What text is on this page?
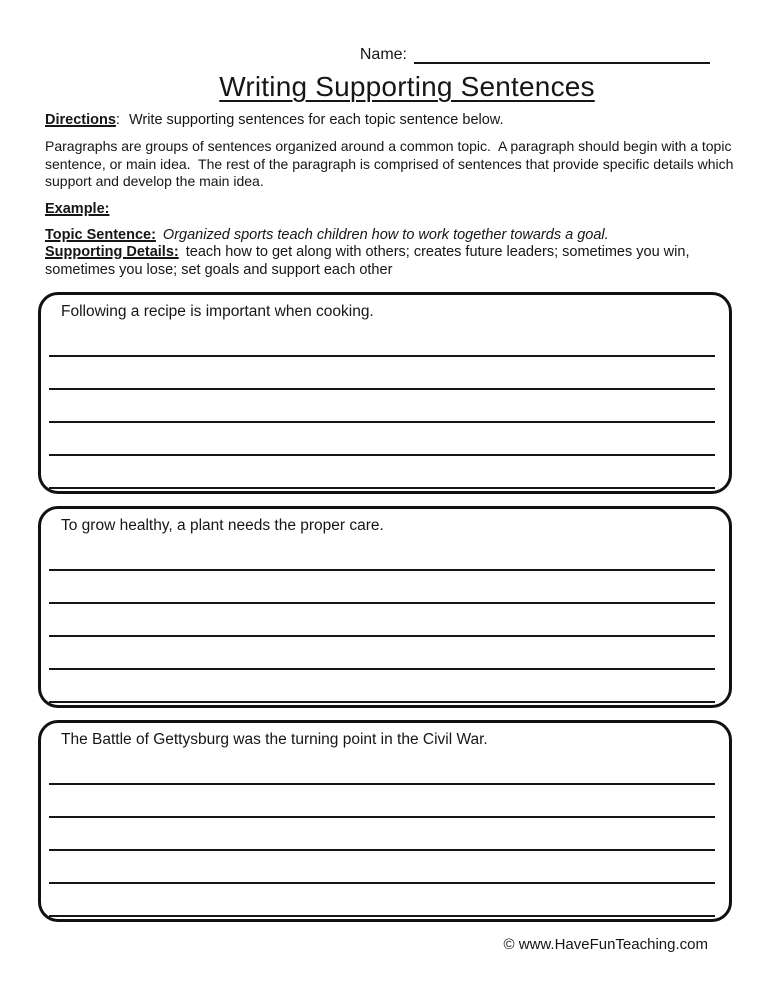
Name:
Writing Supporting Sentences

Directions: Write supporting sentences for each topic sentence below.

Paragraphs are groups of sentences organized around a common topic.  A paragraph should begin with a topic sentence, or main idea.  The rest of the paragraph is comprised of sentences that provide specific details which support and develop the main idea.

Example:

Topic Sentence: Organized sports teach children how to work together towards a goal.

Supporting Details: teach how to get along with others; creates future leaders; sometimes you win, sometimes you lose; set goals and support each other

Following a recipe is important when cooking.
To grow healthy, a plant needs the proper care.
The Battle of Gettysburg was the turning point in the Civil War.
© www.HaveFunTeaching.com
